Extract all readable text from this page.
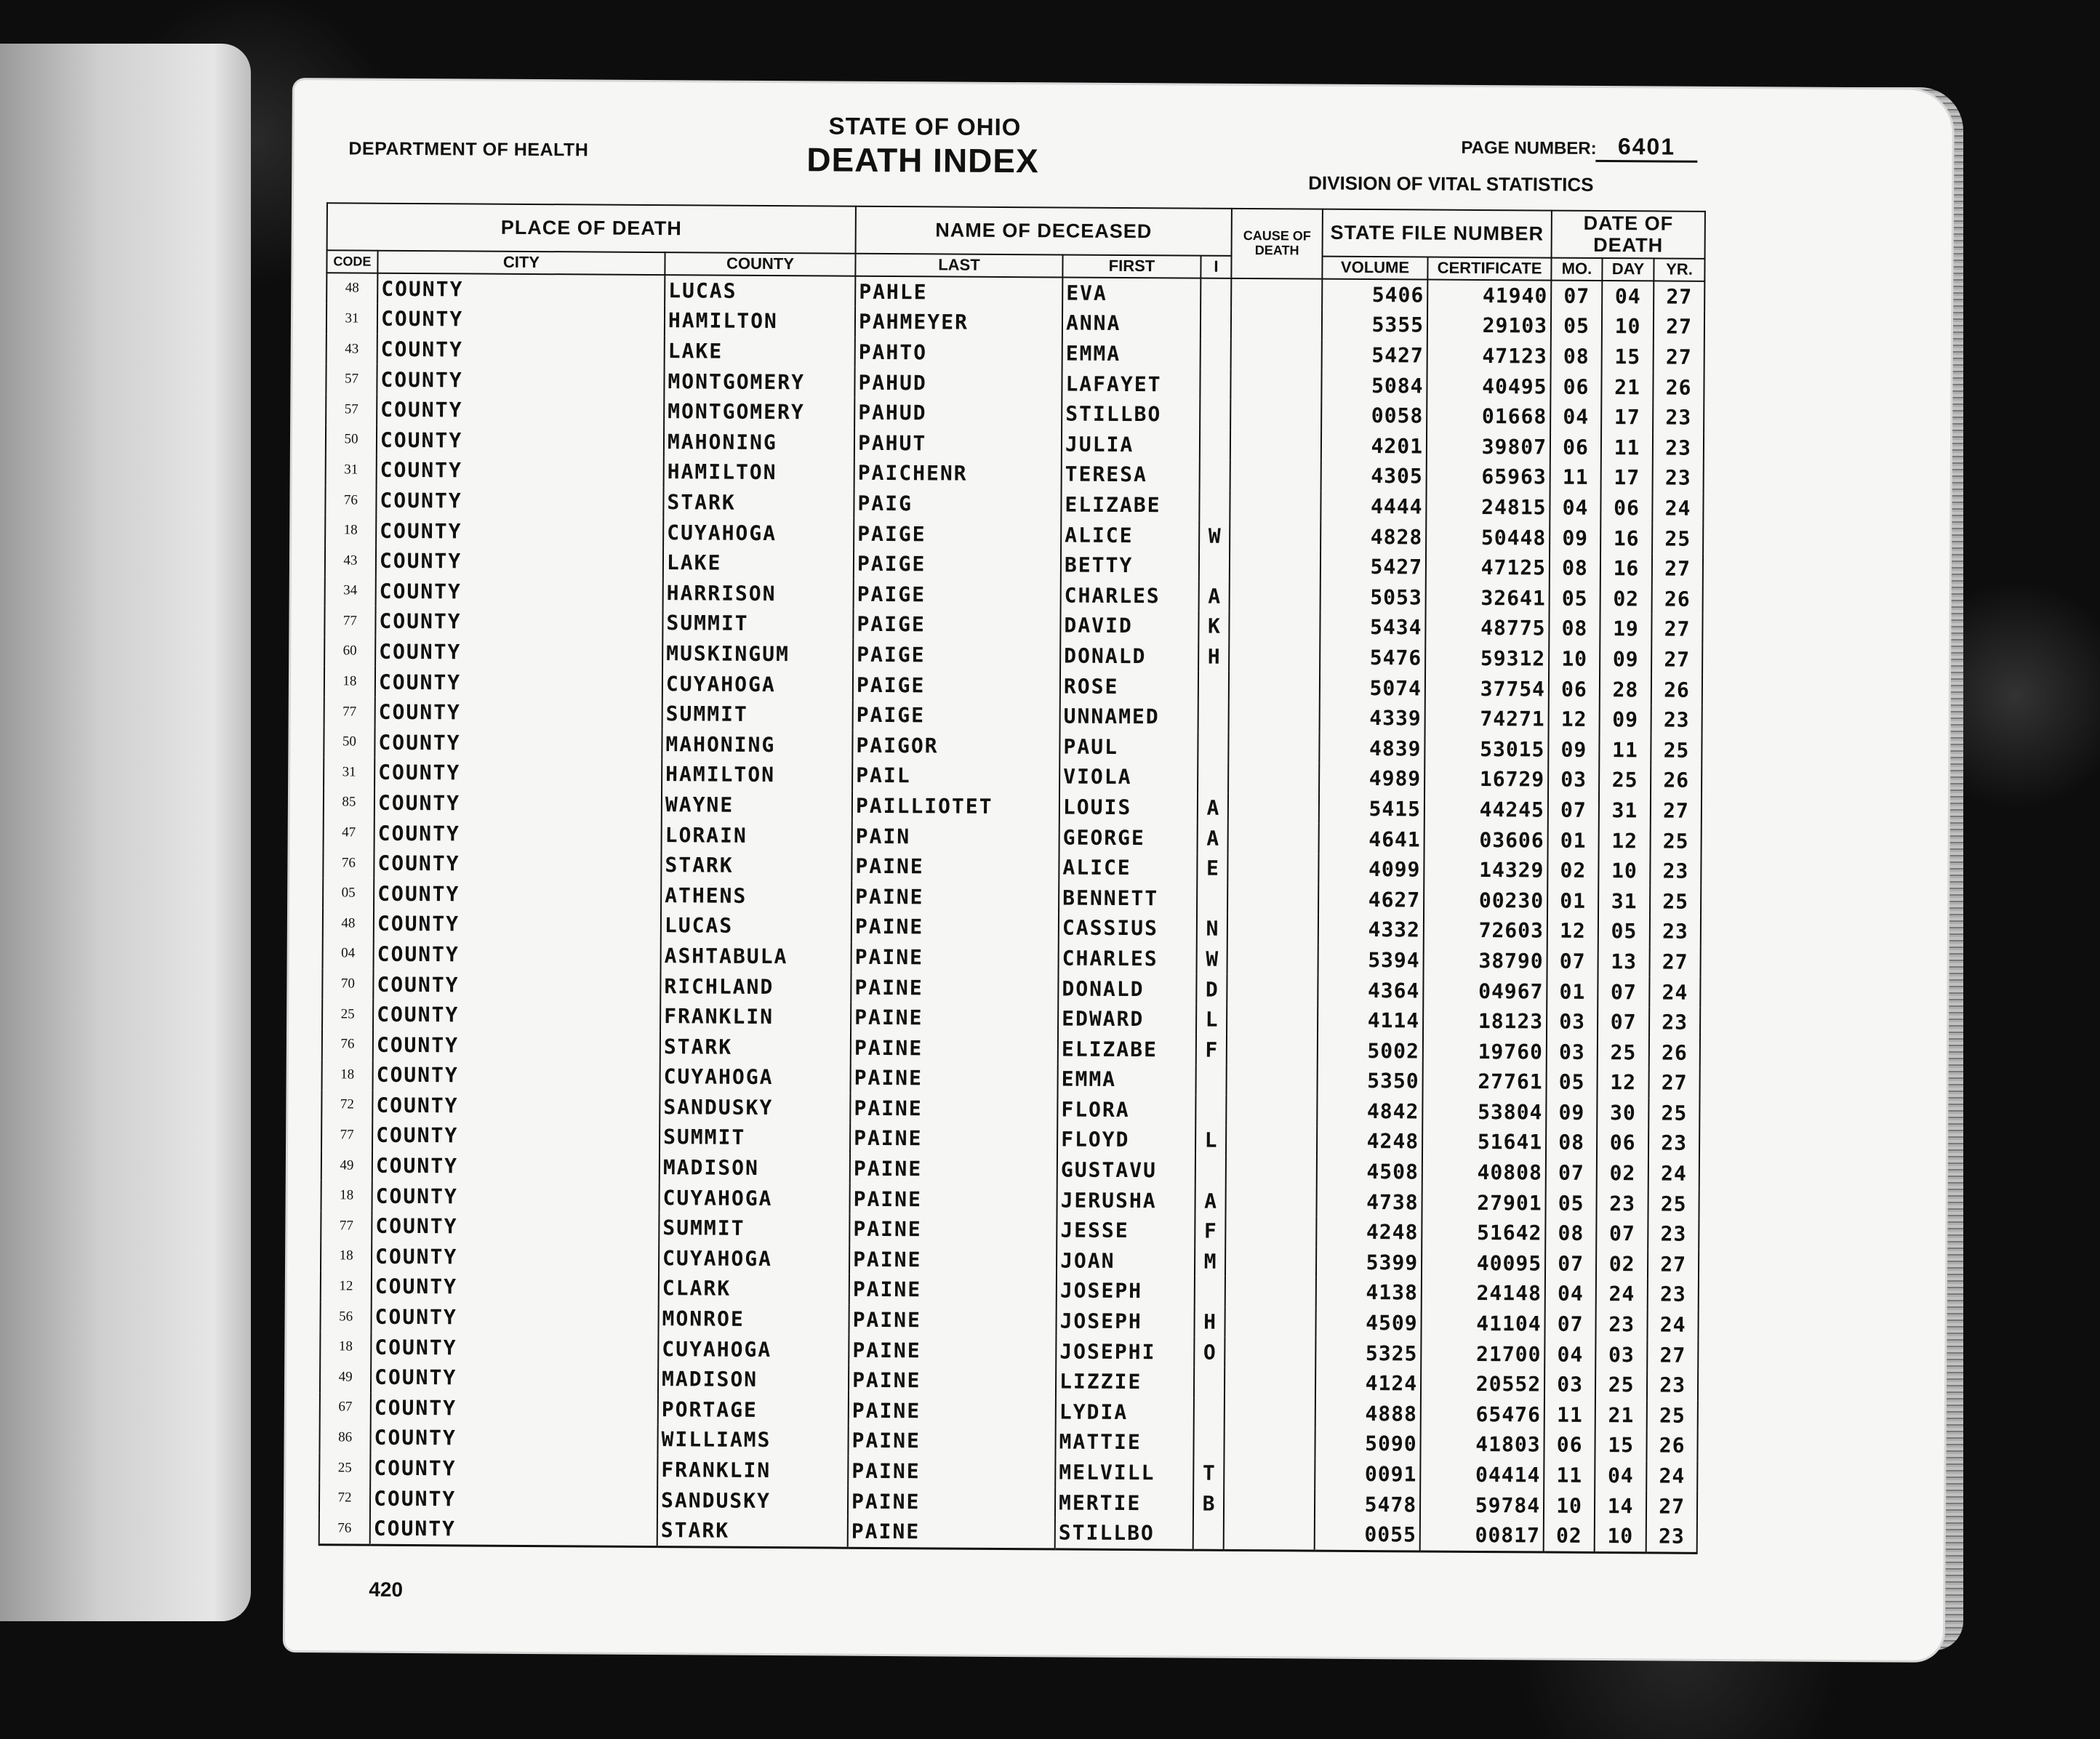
DEPARTMENT OF HEALTH
STATE OF OHIO
DEATH INDEX	PAGE NUMBER: 6401
DIVISION OF VITAL STATISTICS
PLACE OF DEATH			NAME OF DECEASED			CAUSE OF DEATH	STATE FILE NUMBER		DATE OF DEATH		
CODE	CITY	COUNTY	LAST	FIRST	I		VOLUME	CERTIFICATE	MO.	DAY	YR.
48	COUNTY	LUCAS	PAHLE	EVA			5406	41940	07	04	27
31	COUNTY	HAMILTON	PAHMEYER	ANNA			5355	29103	05	10	27
43	COUNTY	LAKE	PAHTO	EMMA			5427	47123	08	15	27
57	COUNTY	MONTGOMERY	PAHUD	LAFAYET			5084	40495	06	21	26
57	COUNTY	MONTGOMERY	PAHUD	STILLBO			0058	01668	04	17	23
50	COUNTY	MAHONING	PAHUT	JULIA			4201	39807	06	11	23
31	COUNTY	HAMILTON	PAICHENR	TERESA			4305	65963	11	17	23
76	COUNTY	STARK	PAIG	ELIZABE			4444	24815	04	06	24
18	COUNTY	CUYAHOGA	PAIGE	ALICE	W		4828	50448	09	16	25
43	COUNTY	LAKE	PAIGE	BETTY			5427	47125	08	16	27
34	COUNTY	HARRISON	PAIGE	CHARLES	A		5053	32641	05	02	26
77	COUNTY	SUMMIT	PAIGE	DAVID	K		5434	48775	08	19	27
60	COUNTY	MUSKINGUM	PAIGE	DONALD	H		5476	59312	10	09	27
18	COUNTY	CUYAHOGA	PAIGE	ROSE			5074	37754	06	28	26
77	COUNTY	SUMMIT	PAIGE	UNNAMED			4339	74271	12	09	23
50	COUNTY	MAHONING	PAIGOR	PAUL			4839	53015	09	11	25
31	COUNTY	HAMILTON	PAIL	VIOLA			4989	16729	03	25	26
85	COUNTY	WAYNE	PAILLIOTET	LOUIS	A		5415	44245	07	31	27
47	COUNTY	LORAIN	PAIN	GEORGE	A		4641	03606	01	12	25
76	COUNTY	STARK	PAINE	ALICE	E		4099	14329	02	10	23
05	COUNTY	ATHENS	PAINE	BENNETT			4627	00230	01	31	25
48	COUNTY	LUCAS	PAINE	CASSIUS	N		4332	72603	12	05	23
04	COUNTY	ASHTABULA	PAINE	CHARLES	W		5394	38790	07	13	27
70	COUNTY	RICHLAND	PAINE	DONALD	D		4364	04967	01	07	24
25	COUNTY	FRANKLIN	PAINE	EDWARD	L		4114	18123	03	07	23
76	COUNTY	STARK	PAINE	ELIZABE	F		5002	19760	03	25	26
18	COUNTY	CUYAHOGA	PAINE	EMMA			5350	27761	05	12	27
72	COUNTY	SANDUSKY	PAINE	FLORA			4842	53804	09	30	25
77	COUNTY	SUMMIT	PAINE	FLOYD	L		4248	51641	08	06	23
49	COUNTY	MADISON	PAINE	GUSTAVU			4508	40808	07	02	24
18	COUNTY	CUYAHOGA	PAINE	JERUSHA	A		4738	27901	05	23	25
77	COUNTY	SUMMIT	PAINE	JESSE	F		4248	51642	08	07	23
18	COUNTY	CUYAHOGA	PAINE	JOAN	M		5399	40095	07	02	27
12	COUNTY	CLARK	PAINE	JOSEPH			4138	24148	04	24	23
56	COUNTY	MONROE	PAINE	JOSEPH	H		4509	41104	07	23	24
18	COUNTY	CUYAHOGA	PAINE	JOSEPHI	O		5325	21700	04	03	27
49	COUNTY	MADISON	PAINE	LIZZIE			4124	20552	03	25	23
67	COUNTY	PORTAGE	PAINE	LYDIA			4888	65476	11	21	25
86	COUNTY	WILLIAMS	PAINE	MATTIE			5090	41803	06	15	26
25	COUNTY	FRANKLIN	PAINE	MELVILL	T		0091	04414	11	04	24
72	COUNTY	SANDUSKY	PAINE	MERTIE	B		5478	59784	10	14	27
76	COUNTY	STARK	PAINE	STILLBO			0055	00817	02	10	23
420
